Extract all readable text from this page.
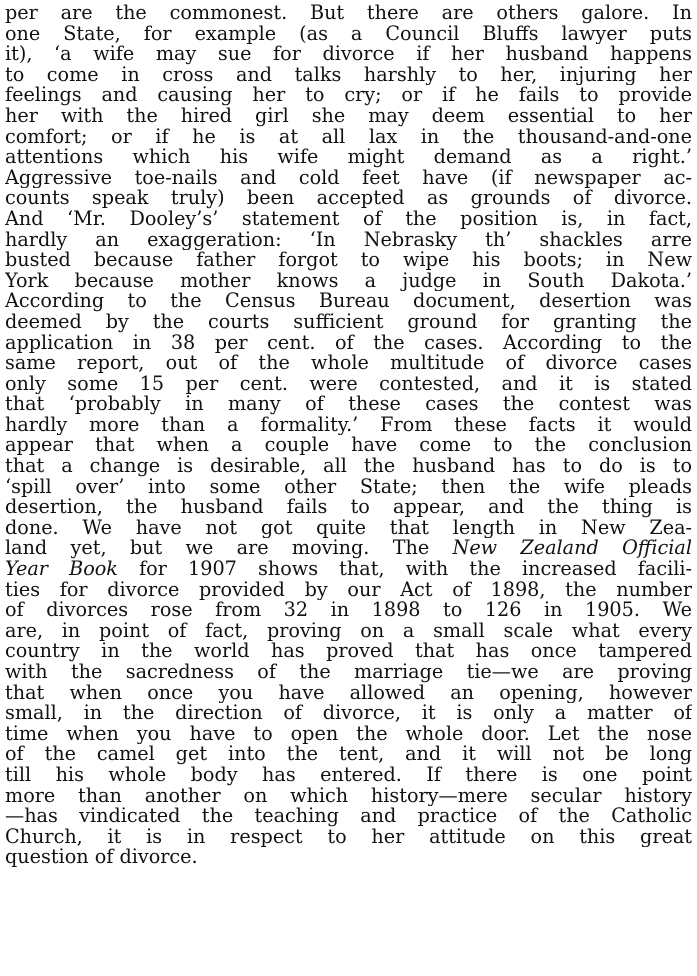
per are the commonest. But there are others galore. In
one State, for example (as a Council Bluffs lawyer puts
it), ‘a wife may sue for divorce if her husband happens
to come in cross and talks harshly to her, injuring her
feelings and causing her to cry; or if he fails to provide
her with the hired girl she may deem essential to her
comfort; or if he is at all lax in the thousand-and-one
attentions which his wife might demand as a right.’
Aggressive toe-nails and cold feet have (if newspaper ac-
counts speak truly) been accepted as grounds of divorce.
And ‘Mr. Dooley’s’ statement of the position is, in fact,
hardly an exaggeration: ‘In Nebrasky th’ shackles arre
busted because father forgot to wipe his boots; in New
York because mother knows a judge in South Dakota.’
According to the Census Bureau document, desertion was
deemed by the courts sufficient ground for granting the
application in 38 per cent. of the cases. According to the
same report, out of the whole multitude of divorce cases
only some 15 per cent. were contested, and it is stated
that ‘probably in many of these cases the contest was
hardly more than a formality.’ From these facts it would
appear that when a couple have come to the conclusion
that a change is desirable, all the husband has to do is to
‘spill over’ into some other State; then the wife pleads
desertion, the husband fails to appear, and the thing is
done. We have not got quite that length in New Zea-
land yet, but we are moving. The New Zealand Official
Year Book for 1907 shows that, with the increased facili-
ties for divorce provided by our Act of 1898, the number
of divorces rose from 32 in 1898 to 126 in 1905. We
are, in point of fact, proving on a small scale what every
country in the world has proved that has once tampered
with the sacredness of the marriage tie—we are proving
that when once you have allowed an opening, however
small, in the direction of divorce, it is only a matter of
time when you have to open the whole door. Let the nose
of the camel get into the tent, and it will not be long
till his whole body has entered. If there is one point
more than another on which history—mere secular history
—has vindicated the teaching and practice of the Catholic
Church, it is in respect to her attitude on this great
question of divorce.
